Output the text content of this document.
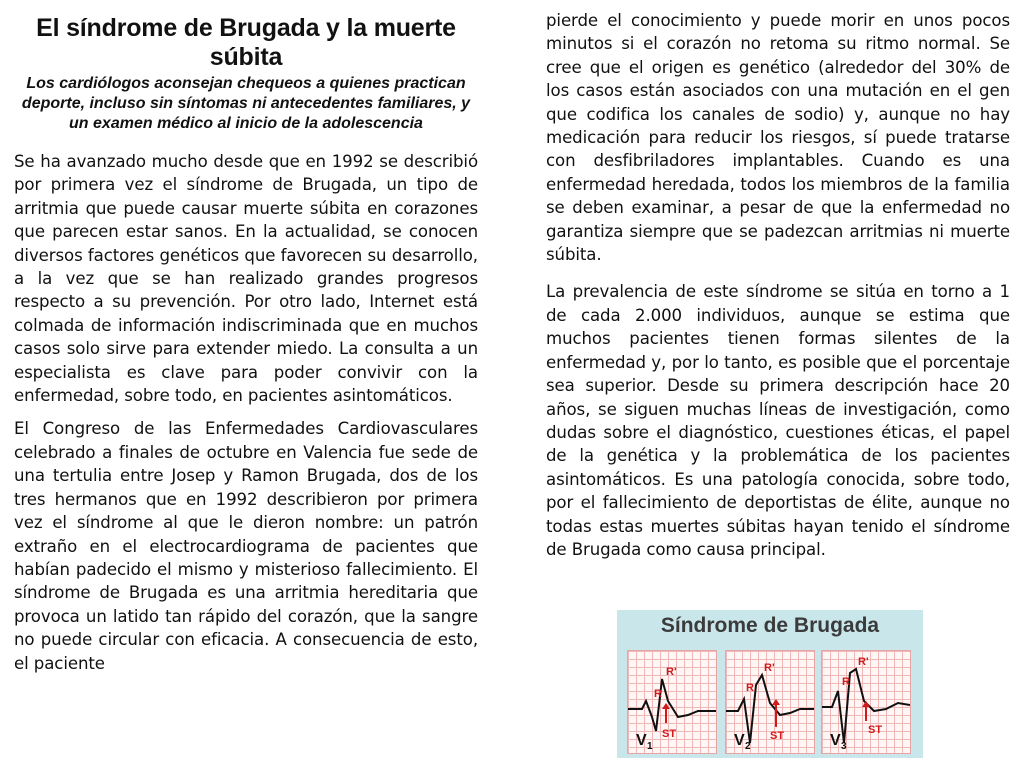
El síndrome de Brugada y la muerte súbita

Los cardiólogos aconsejan chequeos a quienes practican deporte, incluso sin síntomas ni antecedentes familiares, y un examen médico al inicio de la adolescencia

Se ha avanzado mucho desde que en 1992 se describió por primera vez el síndrome de Brugada, un tipo de arritmia que puede causar muerte súbita en corazones que parecen estar sanos. En la actualidad, se conocen diversos factores genéticos que favorecen su desarrollo, a la vez que se han realizado grandes progresos respecto a su prevención. Por otro lado, Internet está colmada de información indiscriminada que en muchos casos solo sirve para extender miedo. La consulta a un especialista es clave para poder convivir con la enfermedad, sobre todo, en pacientes asintomáticos.

El Congreso de las Enfermedades Cardiovasculares celebrado a finales de octubre en Valencia fue sede de una tertulia entre Josep y Ramon Brugada, dos de los tres hermanos que en 1992 describieron por primera vez el síndrome al que le dieron nombre: un patrón extraño en el electrocardiograma de pacientes que habían padecido el mismo y misterioso fallecimiento. El síndrome de Brugada es una arritmia hereditaria que provoca un latido tan rápido del corazón, que la sangre no puede circular con eficacia. A consecuencia de esto, el paciente

pierde el conocimiento y puede morir en unos pocos minutos si el corazón no retoma su ritmo normal. Se cree que el origen es genético (alrededor del 30% de los casos están asociados con una mutación en el gen que codifica los canales de sodio) y, aunque no hay medicación para reducir los riesgos, sí puede tratarse con desfibriladores implantables. Cuando es una enfermedad heredada, todos los miembros de la familia se deben examinar, a pesar de que la enfermedad no garantiza siempre que se padezcan arritmias ni muerte súbita.

La prevalencia de este síndrome se sitúa en torno a 1 de cada 2.000 individuos, aunque se estima que muchos pacientes tienen formas silentes de la enfermedad y, por lo tanto, es posible que el porcentaje sea superior. Desde su primera descripción hace 20 años, se siguen muchas líneas de investigación, como dudas sobre el diagnóstico, cuestiones éticas, el papel de la genética y la problemática de los pacientes asintomáticos. Es una patología conocida, sobre todo, por el fallecimiento de deportistas de élite, aunque no todas estas muertes súbitas hayan tenido el síndrome de Brugada como causa principal.

Síndrome de Brugada
R'
R
ST
V 1
R'
R
ST
V 2
R'
R
ST
V 3
